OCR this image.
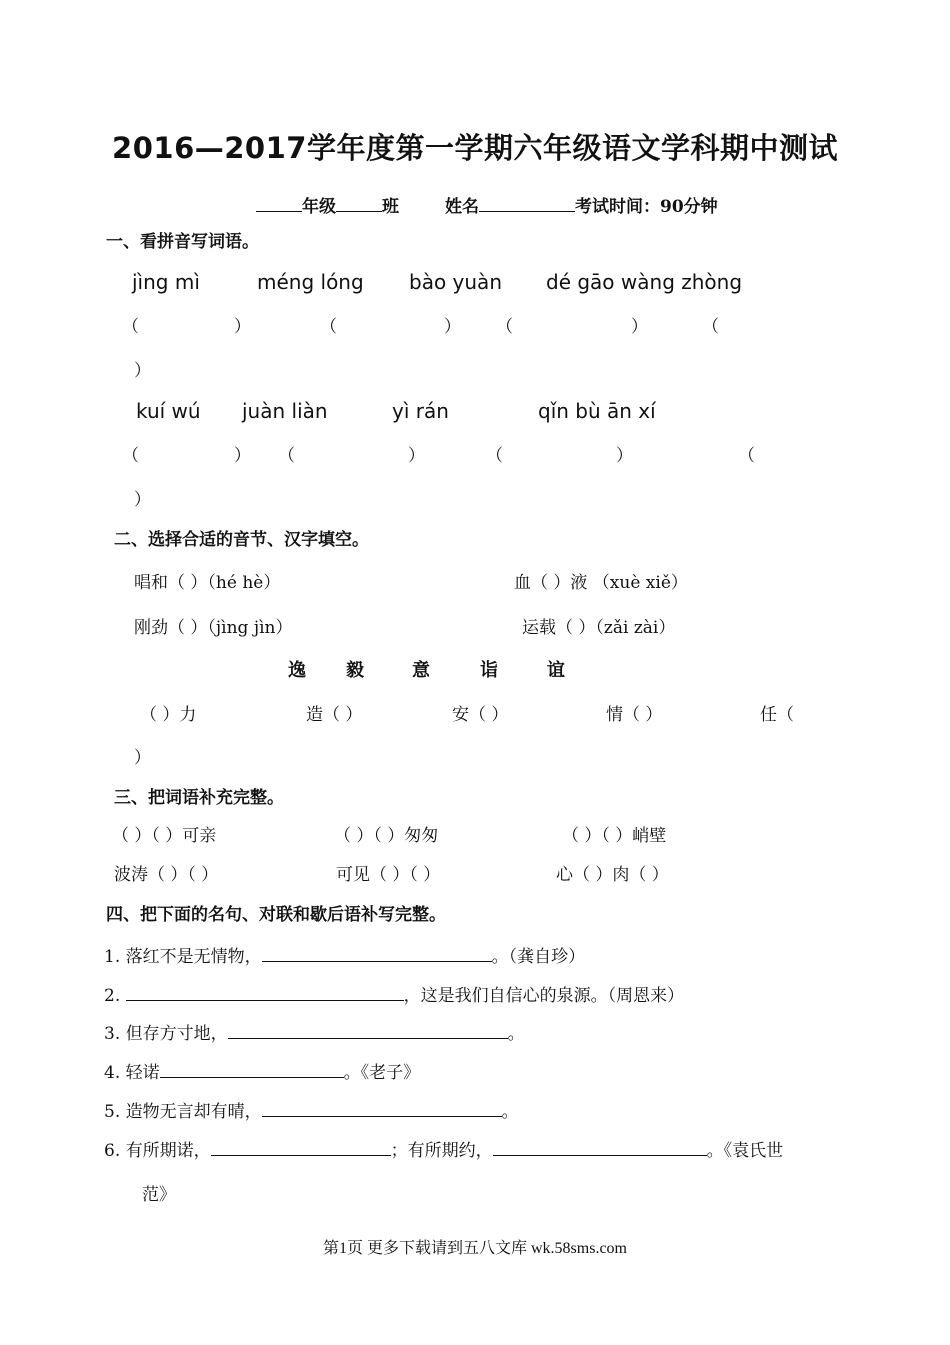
2016—2017学年度第一学期六年级语文学科期中测试
年级	班	姓名	考试时间：90分钟
一、看拼音写词语。
jìng mì	méng lóng bào yuàn dé gāo wàng zhòng
（	）	（	） （	）	（
）
kuí wú juàn liàn	yì rán	qǐn bù ān xí
（	） （	）	（	）	（
）
二、选择合适的音节、汉字填空。
唱和（ ）（hé hè）	血（ ）液 （xuè xiě）
刚劲（ ）（jìng jìn）	运载（ ）（zǎi zài）
逸 毅	意	诣	谊
（ ）力	造（ ）	安（ ）	情（ ）	任（
）
三、把词语补充完整。
（ ）（ ）可亲	（ ）（ ）匆匆	（ ）（ ）峭壁
波涛（ ）（ ）	可见（ ）（ ）	心（ ）肉（ ）
四、把下面的名句、对联和歇后语补写完整。
1. 落红不是无情物，	。（龚自珍）
2.	，这是我们自信心的泉源。（周恩来）
3. 但存方寸地，	。
4. 轻诺	。《老子》
5. 造物无言却有晴，	。
6. 有所期诺，	；有所期约，	。《袁氏世
范》
第1页 更多下载请到五八文库 wk.58sms.com
